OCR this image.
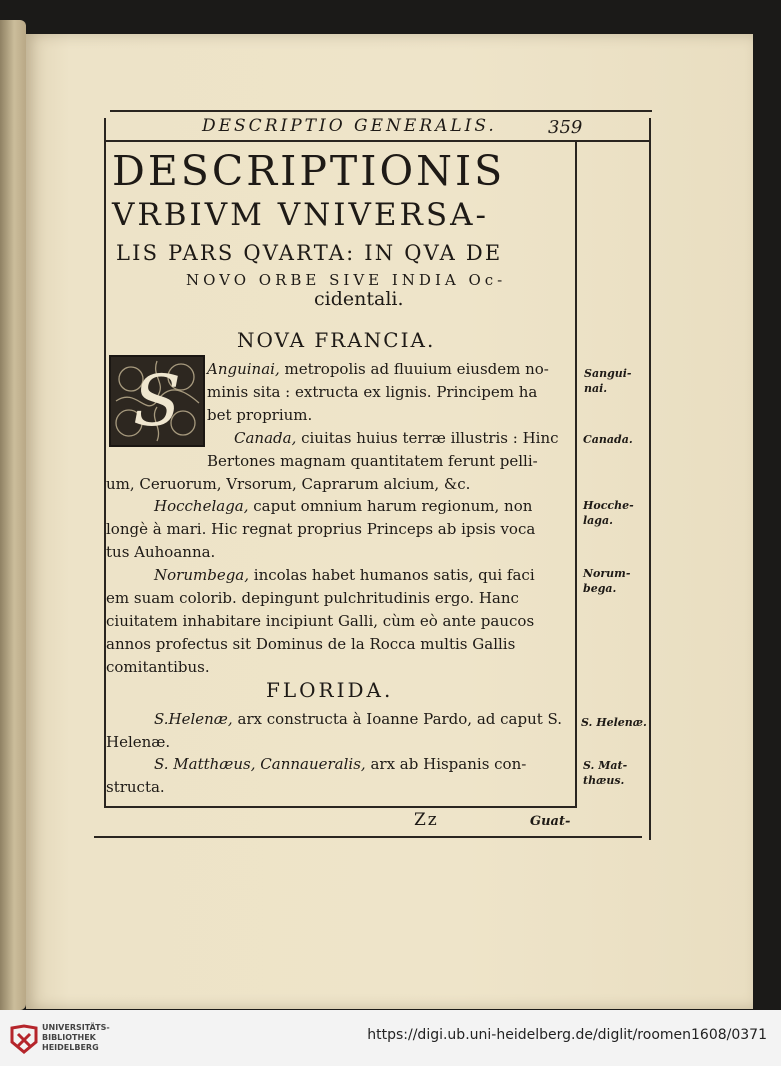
DESCRIPTIO GENERALIS.	359
DESCRIPTIONIS
VRBIVM VNIVERSA-
LIS PARS QVARTA: IN QVA DE
NOVO ORBE SIVE INDIA Oc-
cidentali.
NOVA FRANCIA.
S Anguinai, metropolis ad fluuium eiusdem no-
minis sita : extructa ex lignis. Principem ha
bet proprium.
Canada, ciuitas huius terræ illustris : Hinc
Bertones magnam quantitatem ferunt pelli-
um, Ceruorum, Vrsorum, Caprarum alcium, &c.
Hocchelaga, caput omnium harum regionum, non
longè à mari. Hic regnat proprius Princeps ab ipsis voca
tus Auhoanna.
Norumbega, incolas habet humanos satis, qui faci
em suam colorib. depingunt pulchritudinis ergo. Hanc
ciuitatem inhabitare incipiunt Galli, cùm eò ante paucos
annos profectus sit Dominus de la Rocca multis Gallis
comitantibus.
FLORIDA.
S.Helenæ, arx constructa à Ioanne Pardo, ad caput S.
Helenæ.
S. Matthæus, Cannaueralis, arx ab Hispanis con-
structa.
Sangui-
nai.
Canada.
Hocche-
laga.
Norum-
bega.
S. Helenæ.
S. Mat-
thæus.
Zz	Guat-
UNIVERSITÄTS-
BIBLIOTHEK
HEIDELBERG
https://digi.ub.uni-heidelberg.de/diglit/roomen1608/0371
